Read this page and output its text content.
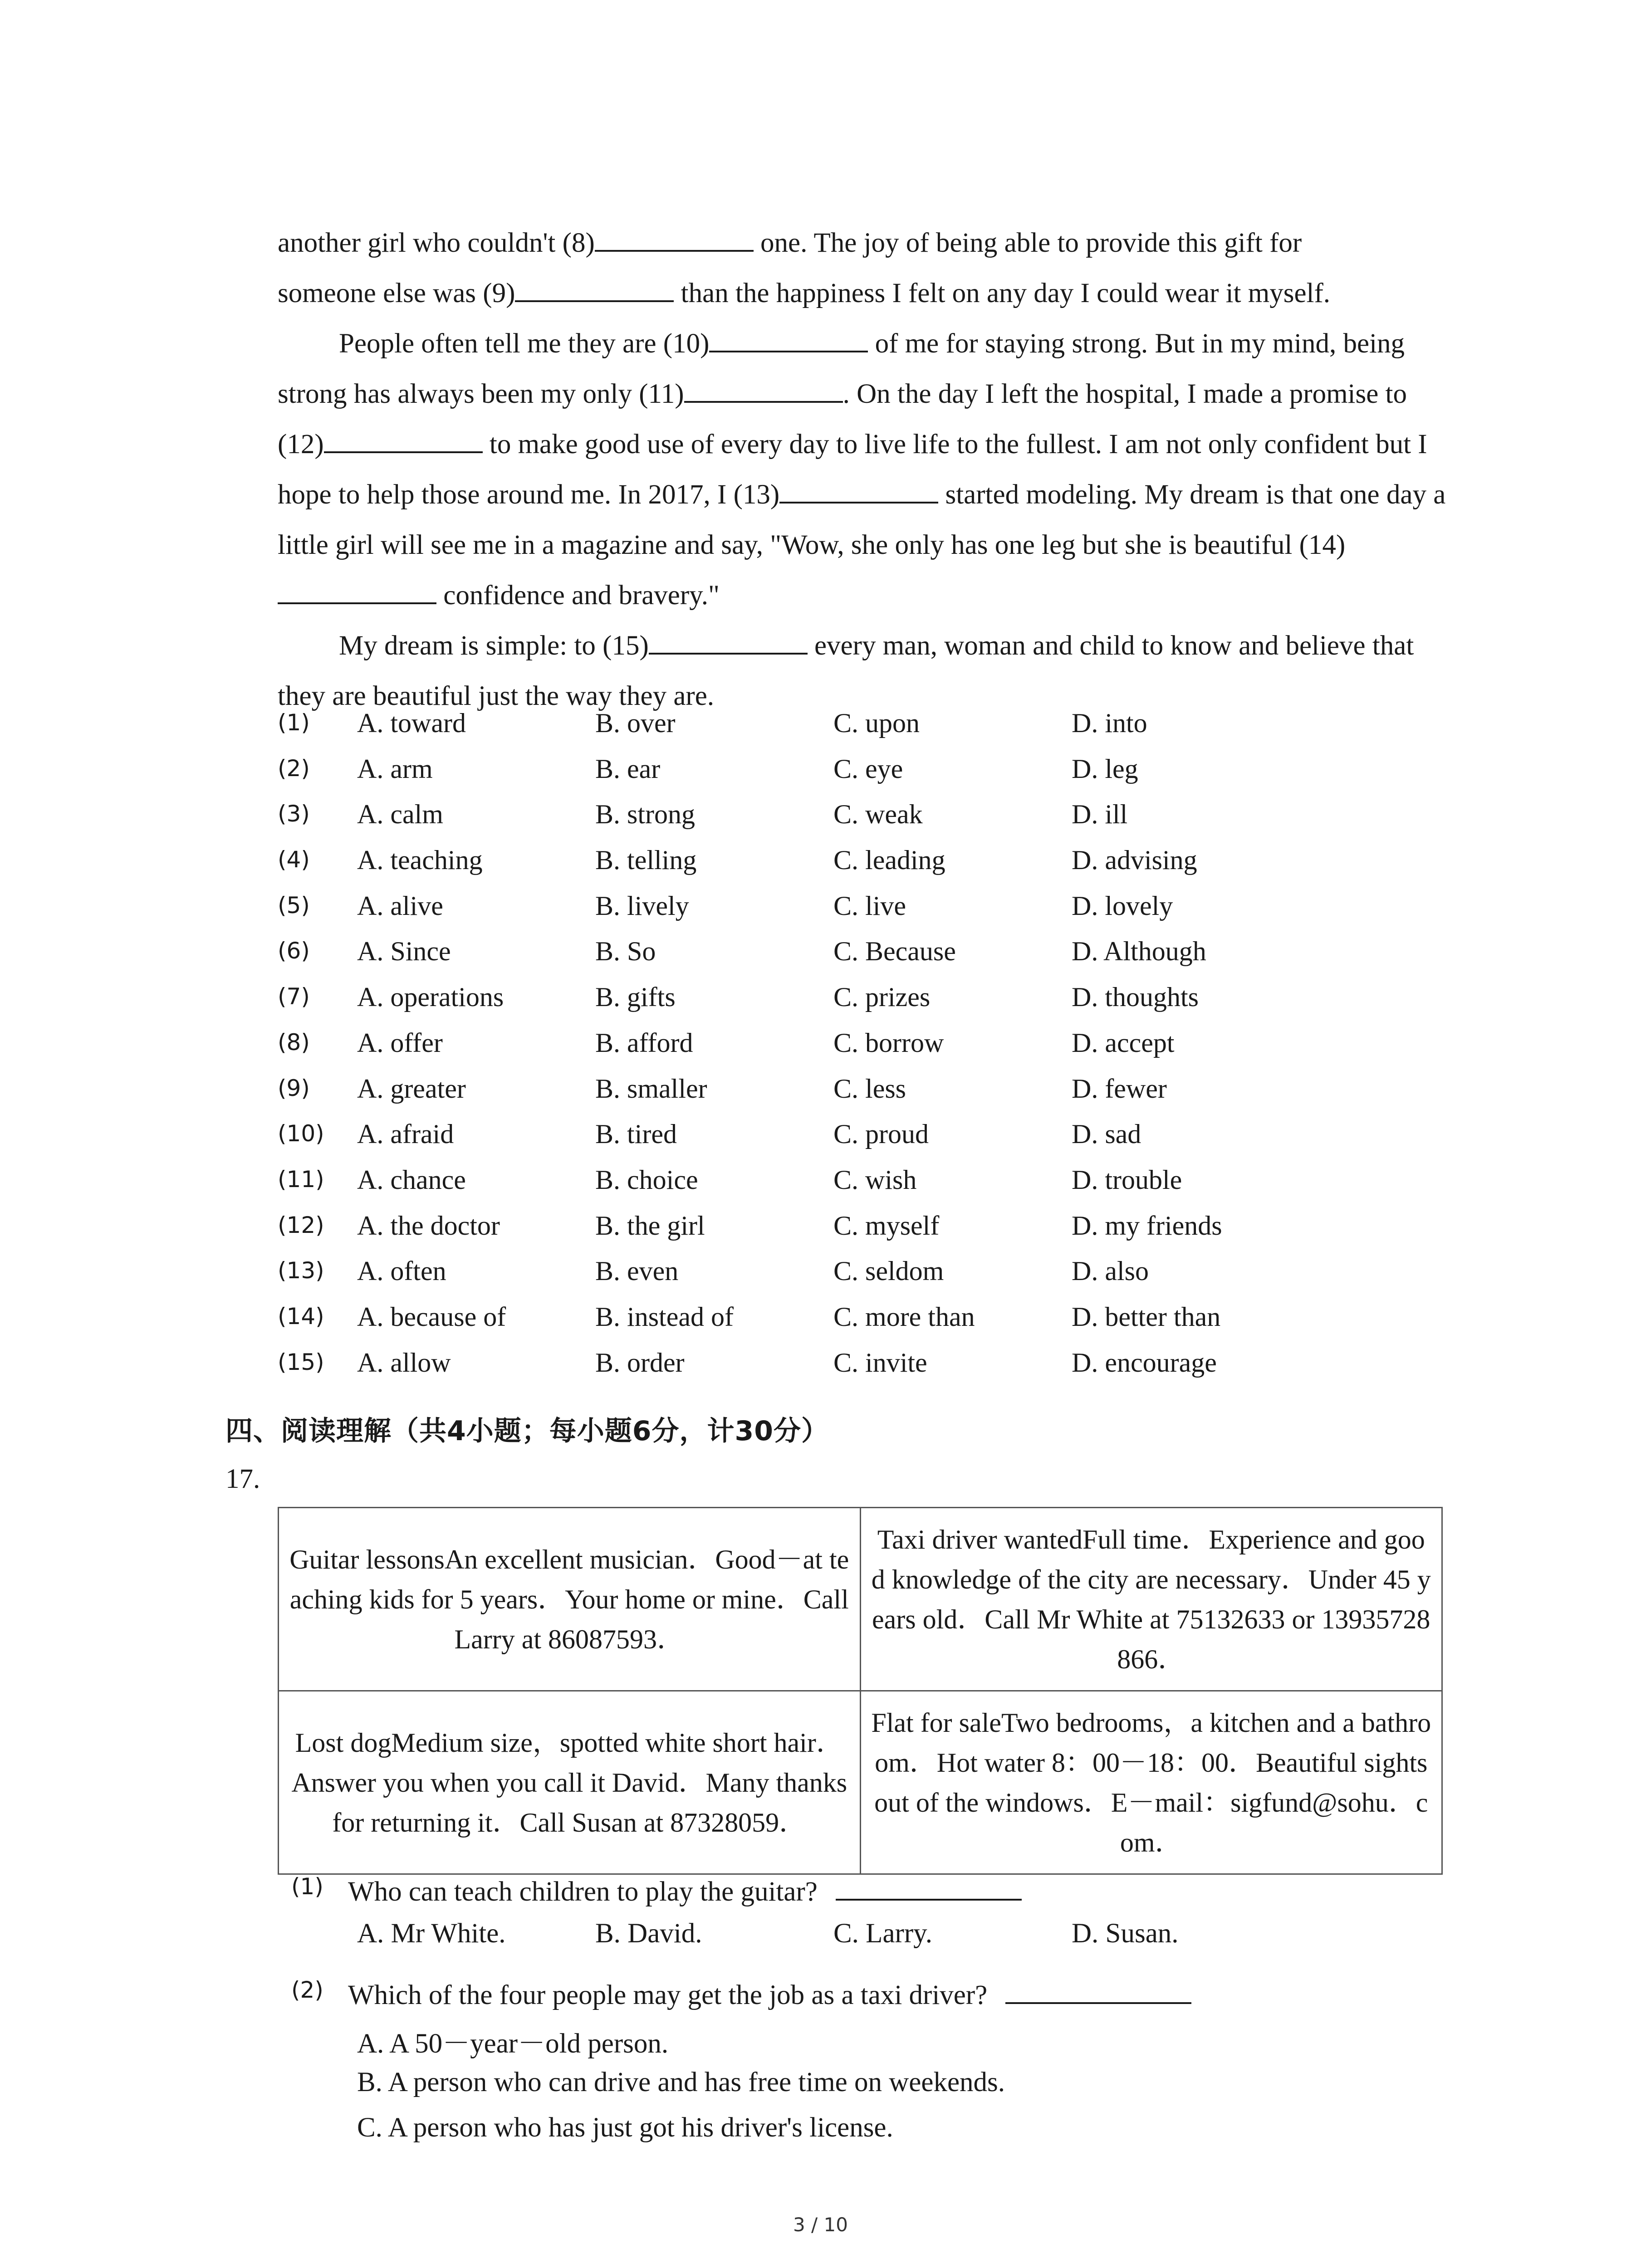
another girl who couldn't (8)	one. The joy of being able to provide this gift for
someone else was (9)	than the happiness I felt on any day I could wear it myself.

People often tell me they are (10)	of me for staying strong. But in my mind, being strong has always been my only (11)	. On the day I left the hospital, I made a promise to (12)	to make good use of every day to live life to the fullest. I am not only confident but I hope to help those around me. In 2017, I (13)	started modeling. My dream is that one day a little girl will see me in a magazine and say, "Wow, she only has one leg but she is beautiful (14) confidence and bravery."

My dream is simple: to (15)	every man, woman and child to know and believe that they are beautiful just the way they are.

(1) A. toward	B. over	C. upon	D. into
(2) A. arm	B. ear	C. eye	D. leg
(3) A. calm	B. strong	C. weak	D. ill
(4) A. teaching	B. telling	C. leading	D. advising
(5) A. alive	B. lively	C. live	D. lovely
(6) A. Since	B. So	C. Because	D. Although
(7) A. operations	B. gifts	C. prizes	D. thoughts
(8) A. offer	B. afford	C. borrow	D. accept
(9) A. greater	B. smaller	C. less	D. fewer
(10) A. afraid	B. tired	C. proud	D. sad
(11) A. chance	B. choice	C. wish	D. trouble
(12) A. the doctor	B. the girl	C. myself	D. my friends
(13) A. often	B. even	C. seldom	D. also
(14) A. because of	B. instead of	C. more than	D. better than
(15) A. allow	B. order	C. invite	D. encourage
四、阅读理解（共4小题；每小题6分，计30分）
17.
Guitar lessonsAn excellent musician．Good－at teaching kids for 5 years．Your home or mine．Call Larry at 86087593．	Taxi driver wantedFull time．Experience and good knowledge of the city are necessary．Under 45 years old．Call Mr White at 75132633 or 13935728866．
Lost dogMedium size，spotted white short hair．Answer you when you call it David．Many thanks for returning it．Call Susan at 87328059．	Flat for saleTwo bedrooms，a kitchen and a bathroom．Hot water 8：00－18：00．Beautiful sights out of the windows．E－mail：sigfund@sohu．com．
(1) Who can teach children to play the guitar?
A. Mr White.	B. David.	C. Larry.	D. Susan.
(2) Which of the four people may get the job as a taxi driver?
A. A 50－year－old person.
B. A person who can drive and has free time on weekends.
C. A person who has just got his driver's license.
3 / 10
